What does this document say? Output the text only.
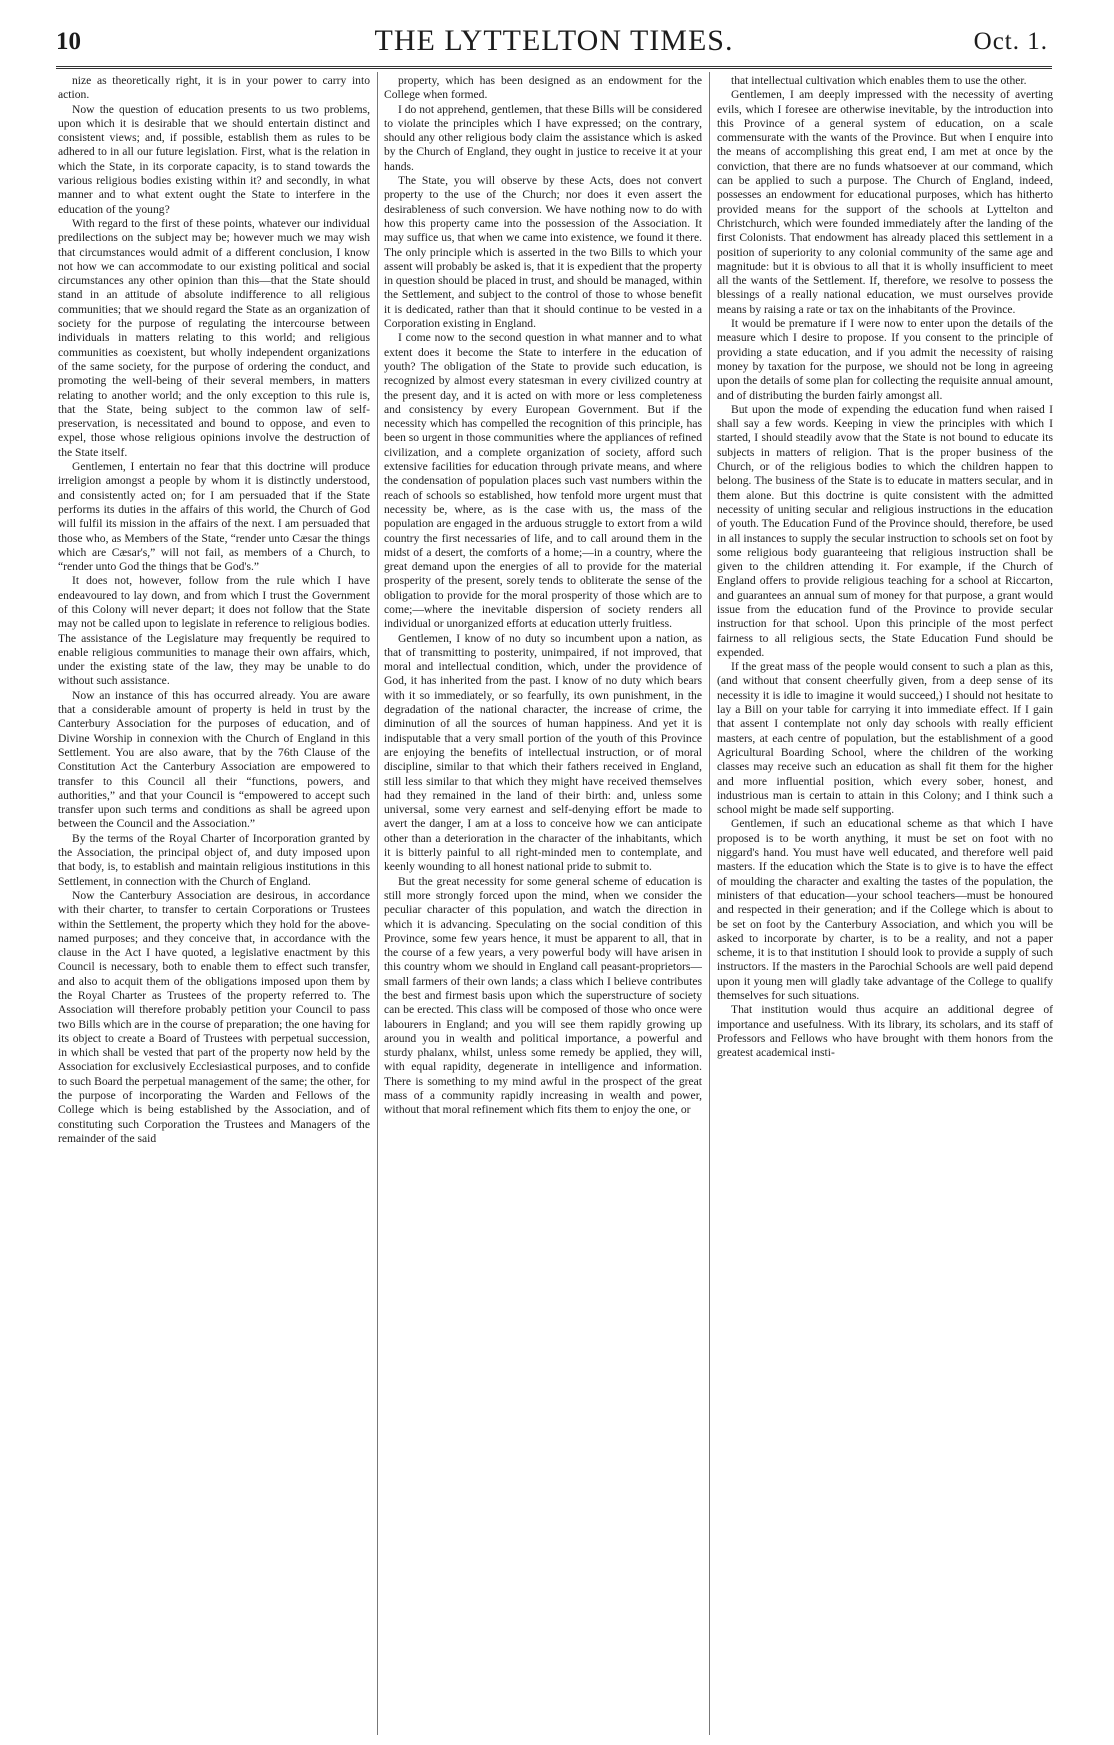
10	THE LYTTELTON TIMES.	Oct. 1.

nize as theoretically right, it is in your power to carry into action.

Now the question of education presents to us two problems, upon which it is desirable that we should entertain distinct and consistent views; and, if possible, establish them as rules to be adhered to in all our future legislation. First, what is the relation in which the State, in its corporate capacity, is to stand towards the various religious bodies existing within it? and secondly, in what manner and to what extent ought the State to interfere in the education of the young?

With regard to the first of these points, whatever our individual predilections on the subject may be; however much we may wish that circumstances would admit of a different conclusion, I know not how we can accommodate to our existing political and social circumstances any other opinion than this—that the State should stand in an attitude of absolute indifference to all religious communities; that we should regard the State as an organization of society for the purpose of regulating the intercourse between individuals in matters relating to this world; and religious communities as coexistent, but wholly independent organizations of the same society, for the purpose of ordering the conduct, and promoting the well-being of their several members, in matters relating to another world; and the only exception to this rule is, that the State, being subject to the common law of self-preservation, is necessitated and bound to oppose, and even to expel, those whose religious opinions involve the destruction of the State itself.

Gentlemen, I entertain no fear that this doctrine will produce irreligion amongst a people by whom it is distinctly understood, and consistently acted on; for I am persuaded that if the State performs its duties in the affairs of this world, the Church of God will fulfil its mission in the affairs of the next. I am persuaded that those who, as Members of the State, “render unto Cæsar the things which are Cæsar's,” will not fail, as members of a Church, to “render unto God the things that be God's.”

It does not, however, follow from the rule which I have endeavoured to lay down, and from which I trust the Government of this Colony will never depart; it does not follow that the State may not be called upon to legislate in reference to religious bodies. The assistance of the Legislature may frequently be required to enable religious communities to manage their own affairs, which, under the existing state of the law, they may be unable to do without such assistance.

Now an instance of this has occurred already. You are aware that a considerable amount of property is held in trust by the Canterbury Association for the purposes of education, and of Divine Worship in connexion with the Church of England in this Settlement. You are also aware, that by the 76th Clause of the Constitution Act the Canterbury Association are empowered to transfer to this Council all their “functions, powers, and authorities,” and that your Council is “empowered to accept such transfer upon such terms and conditions as shall be agreed upon between the Council and the Association.”

By the terms of the Royal Charter of Incorporation granted by the Association, the principal object of, and duty imposed upon that body, is, to establish and maintain religious institutions in this Settlement, in connection with the Church of England.

Now the Canterbury Association are desirous, in accordance with their charter, to transfer to certain Corporations or Trustees within the Settlement, the property which they hold for the above-named purposes; and they conceive that, in accordance with the clause in the Act I have quoted, a legislative enactment by this Council is necessary, both to enable them to effect such transfer, and also to acquit them of the obligations imposed upon them by the Royal Charter as Trustees of the property referred to. The Association will therefore probably petition your Council to pass two Bills which are in the course of preparation; the one having for its object to create a Board of Trustees with perpetual succession, in which shall be vested that part of the property now held by the Association for exclusively Ecclesiastical purposes, and to confide to such Board the perpetual management of the same; the other, for the purpose of incorporating the Warden and Fellows of the College which is being established by the Association, and of constituting such Corporation the Trustees and Managers of the remainder of the said

property, which has been designed as an endowment for the College when formed.

I do not apprehend, gentlemen, that these Bills will be considered to violate the principles which I have expressed; on the contrary, should any other religious body claim the assistance which is asked by the Church of England, they ought in justice to receive it at your hands.

The State, you will observe by these Acts, does not convert property to the use of the Church; nor does it even assert the desirableness of such conversion. We have nothing now to do with how this property came into the possession of the Association. It may suffice us, that when we came into existence, we found it there. The only principle which is asserted in the two Bills to which your assent will probably be asked is, that it is expedient that the property in question should be placed in trust, and should be managed, within the Settlement, and subject to the control of those to whose benefit it is dedicated, rather than that it should continue to be vested in a Corporation existing in England.

I come now to the second question in what manner and to what extent does it become the State to interfere in the education of youth? The obligation of the State to provide such education, is recognized by almost every statesman in every civilized country at the present day, and it is acted on with more or less completeness and consistency by every European Government. But if the necessity which has compelled the recognition of this principle, has been so urgent in those communities where the appliances of refined civilization, and a complete organization of society, afford such extensive facilities for education through private means, and where the condensation of population places such vast numbers within the reach of schools so established, how tenfold more urgent must that necessity be, where, as is the case with us, the mass of the population are engaged in the arduous struggle to extort from a wild country the first necessaries of life, and to call around them in the midst of a desert, the comforts of a home;—in a country, where the great demand upon the energies of all to provide for the material prosperity of the present, sorely tends to obliterate the sense of the obligation to provide for the moral prosperity of those which are to come;—where the inevitable dispersion of society renders all individual or unorganized efforts at education utterly fruitless.

Gentlemen, I know of no duty so incumbent upon a nation, as that of transmitting to posterity, unimpaired, if not improved, that moral and intellectual condition, which, under the providence of God, it has inherited from the past. I know of no duty which bears with it so immediately, or so fearfully, its own punishment, in the degradation of the national character, the increase of crime, the diminution of all the sources of human happiness. And yet it is indisputable that a very small portion of the youth of this Province are enjoying the benefits of intellectual instruction, or of moral discipline, similar to that which their fathers received in England, still less similar to that which they might have received themselves had they remained in the land of their birth: and, unless some universal, some very earnest and self-denying effort be made to avert the danger, I am at a loss to conceive how we can anticipate other than a deterioration in the character of the inhabitants, which it is bitterly painful to all right-minded men to contemplate, and keenly wounding to all honest national pride to submit to.

But the great necessity for some general scheme of education is still more strongly forced upon the mind, when we consider the peculiar character of this population, and watch the direction in which it is advancing. Speculating on the social condition of this Province, some few years hence, it must be apparent to all, that in the course of a few years, a very powerful body will have arisen in this country whom we should in England call peasant-proprietors—small farmers of their own lands; a class which I believe contributes the best and firmest basis upon which the superstructure of society can be erected. This class will be composed of those who once were labourers in England; and you will see them rapidly growing up around you in wealth and political importance, a powerful and sturdy phalanx, whilst, unless some remedy be applied, they will, with equal rapidity, degenerate in intelligence and information. There is something to my mind awful in the prospect of the great mass of a community rapidly increasing in wealth and power, without that moral refinement which fits them to enjoy the one, or

that intellectual cultivation which enables them to use the other.

Gentlemen, I am deeply impressed with the necessity of averting evils, which I foresee are otherwise inevitable, by the introduction into this Province of a general system of education, on a scale commensurate with the wants of the Province. But when I enquire into the means of accomplishing this great end, I am met at once by the conviction, that there are no funds whatsoever at our command, which can be applied to such a purpose. The Church of England, indeed, possesses an endowment for educational purposes, which has hitherto provided means for the support of the schools at Lyttelton and Christchurch, which were founded immediately after the landing of the first Colonists. That endowment has already placed this settlement in a position of superiority to any colonial community of the same age and magnitude: but it is obvious to all that it is wholly insufficient to meet all the wants of the Settlement. If, therefore, we resolve to possess the blessings of a really national education, we must ourselves provide means by raising a rate or tax on the inhabitants of the Province.

It would be premature if I were now to enter upon the details of the measure which I desire to propose. If you consent to the principle of providing a state education, and if you admit the necessity of raising money by taxation for the purpose, we should not be long in agreeing upon the details of some plan for collecting the requisite annual amount, and of distributing the burden fairly amongst all.

But upon the mode of expending the education fund when raised I shall say a few words. Keeping in view the principles with which I started, I should steadily avow that the State is not bound to educate its subjects in matters of religion. That is the proper business of the Church, or of the religious bodies to which the children happen to belong. The business of the State is to educate in matters secular, and in them alone. But this doctrine is quite consistent with the admitted necessity of uniting secular and religious instructions in the education of youth. The Education Fund of the Province should, therefore, be used in all instances to supply the secular instruction to schools set on foot by some religious body guaranteeing that religious instruction shall be given to the children attending it. For example, if the Church of England offers to provide religious teaching for a school at Riccarton, and guarantees an annual sum of money for that purpose, a grant would issue from the education fund of the Province to provide secular instruction for that school. Upon this principle of the most perfect fairness to all religious sects, the State Education Fund should be expended.

If the great mass of the people would consent to such a plan as this, (and without that consent cheerfully given, from a deep sense of its necessity it is idle to imagine it would succeed,) I should not hesitate to lay a Bill on your table for carrying it into immediate effect. If I gain that assent I contemplate not only day schools with really efficient masters, at each centre of population, but the establishment of a good Agricultural Boarding School, where the children of the working classes may receive such an education as shall fit them for the higher and more influential position, which every sober, honest, and industrious man is certain to attain in this Colony; and I think such a school might be made self supporting.

Gentlemen, if such an educational scheme as that which I have proposed is to be worth anything, it must be set on foot with no niggard's hand. You must have well educated, and therefore well paid masters. If the education which the State is to give is to have the effect of moulding the character and exalting the tastes of the population, the ministers of that education—your school teachers—must be honoured and respected in their generation; and if the College which is about to be set on foot by the Canterbury Association, and which you will be asked to incorporate by charter, is to be a reality, and not a paper scheme, it is to that institution I should look to provide a supply of such instructors. If the masters in the Parochial Schools are well paid depend upon it young men will gladly take advantage of the College to qualify themselves for such situations.

That institution would thus acquire an additional degree of importance and usefulness. With its library, its scholars, and its staff of Professors and Fellows who have brought with them honors from the greatest academical insti-
